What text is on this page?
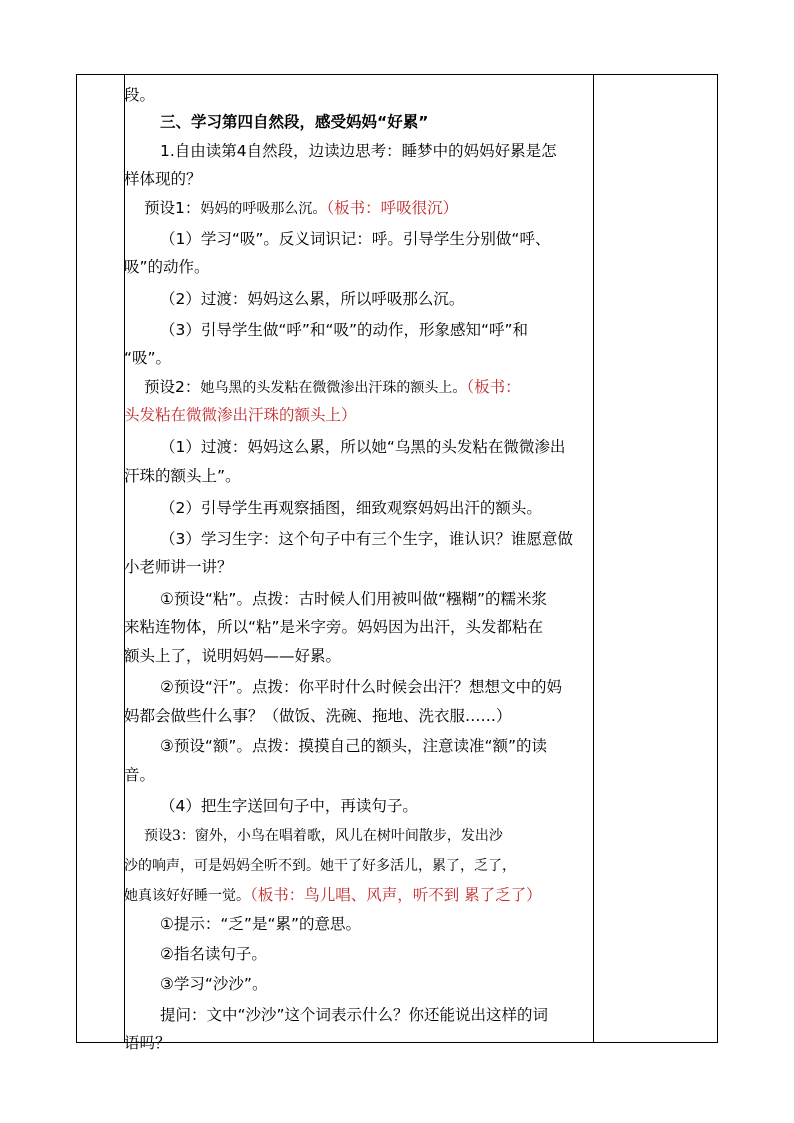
段。
三、学习第四自然段，感受妈妈“好累”
1.自由读第4自然段，边读边思考：睡梦中的妈妈好累是怎
样体现的？
预设1：妈妈的呼吸那么沉。（板书：呼吸很沉）
（1）学习“吸”。反义词识记：呼。引导学生分别做“呼、
吸”的动作。
（2）过渡：妈妈这么累，所以呼吸那么沉。
（3）引导学生做“呼”和“吸”的动作，形象感知“呼”和
“吸”。
预设2：她乌黑的头发粘在微微渗出汗珠的额头上。（板书：
头发粘在微微渗出汗珠的额头上）
（1）过渡：妈妈这么累，所以她“乌黑的头发粘在微微渗出
汗珠的额头上”。
（2）引导学生再观察插图，细致观察妈妈出汗的额头。
（3）学习生字：这个句子中有三个生字，谁认识？谁愿意做
小老师讲一讲？
①预设“粘”。点拨：古时候人们用被叫做“糨糊”的糯米浆
来粘连物体，所以“粘”是米字旁。妈妈因为出汗，头发都粘在
额头上了，说明妈妈——好累。
②预设“汗”。点拨：你平时什么时候会出汗？想想文中的妈
妈都会做些什么事？（做饭、洗碗、拖地、洗衣服……）
③预设“额”。点拨：摸摸自己的额头，注意读准“额”的读
音。
（4）把生字送回句子中，再读句子。
预设3：窗外，小鸟在唱着歌，风儿在树叶间散步，发出沙
沙的响声，可是妈妈全听不到。她干了好多活儿，累了，乏了，
她真该好好睡一觉。（板书：鸟儿唱、风声，听不到 累了乏了）
①提示：“乏”是“累”的意思。
②指名读句子。
③学习“沙沙”。
提问：文中“沙沙”这个词表示什么？你还能说出这样的词
语吗？
